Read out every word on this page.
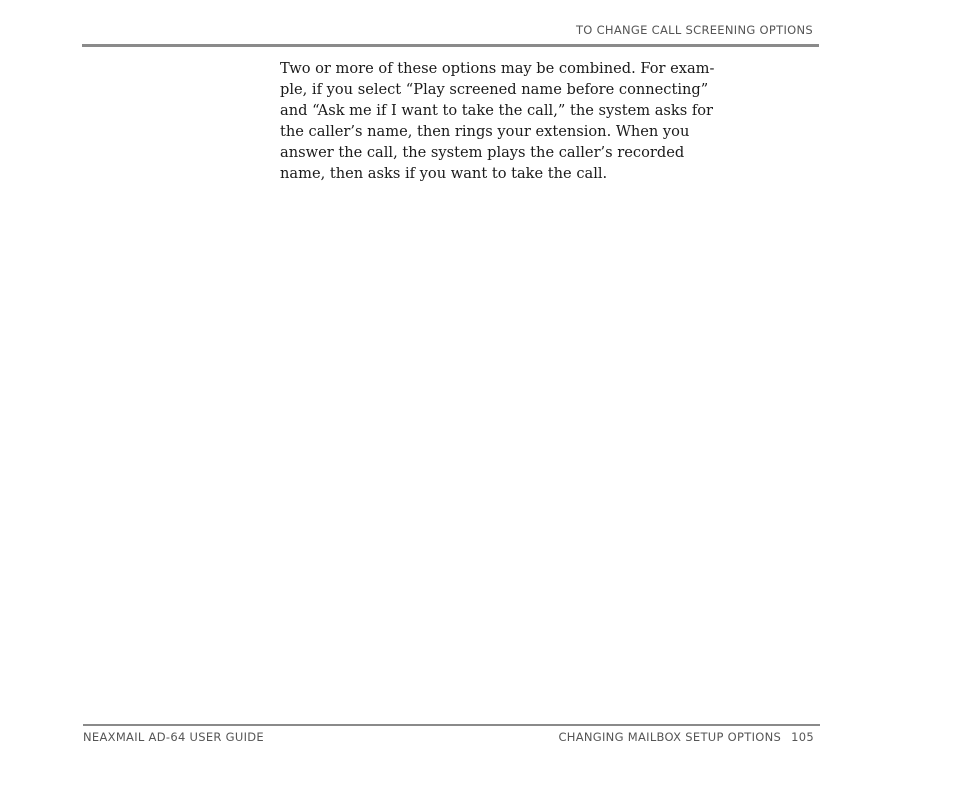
TO CHANGE CALL SCREENING OPTIONS
Two or more of these options may be combined. For exam-
ple, if you select “Play screened name before connecting”
and “Ask me if I want to take the call,” the system asks for
the caller’s name, then rings your extension. When you
answer the call, the system plays the caller’s recorded
name, then asks if you want to take the call.
NEAXMAIL AD-64 USER GUIDE	CHANGING MAILBOX SETUP OPTIONS 105
